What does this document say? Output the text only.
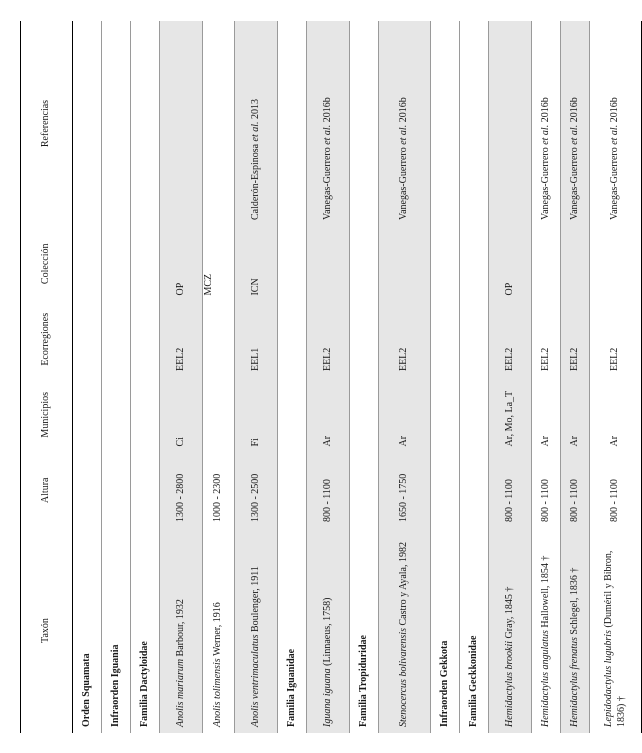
Taxón	Altura	Municipios	Ecorregiones	Colección	Referencias
Orden Squamata					
Infraorden Iguania					
Familia Dactyloidae					
Anolis mariarum Barbour, 1932	1300 - 2800	Ci	EEL2	OP	
Anolis tolimensis Werner, 1916	1000 - 2300			MCZ	
Anolis ventrimaculatus Boulenger, 1911	1300 - 2500	Fi	EEL1	ICN	Calderón-Espinosa et al. 2013
Familia Iguanidae					
Iguana iguana (Linnaeus, 1758)	800 - 1100	Ar	EEL2		Vanegas-Guerrero et al. 2016b
Familia Tropiduridae					
Stenocercus bolivarensis Castro y Ayala, 1982	1650 - 1750	Ar	EEL2		Vanegas-Guerrero et al. 2016b
Infraorden Gekkota					
Familia Geckkonidae					
Hemidactylus brookii Gray, 1845 †	800 - 1100	Ar, Mo, La_T	EEL2	OP	
Hemidactylus angulatus Hallowell, 1854 †	800 - 1100	Ar	EEL2		Vanegas-Guerrero et al. 2016b
Hemidactylus frenatus Schlegel, 1836 †	800 - 1100	Ar	EEL2		Vanegas-Guerrero et al. 2016b
Lepidodactylus lugubris (Duméril y Bibron, 1836) †	800 - 1100	Ar	EEL2		Vanegas-Guerrero et al. 2016b
